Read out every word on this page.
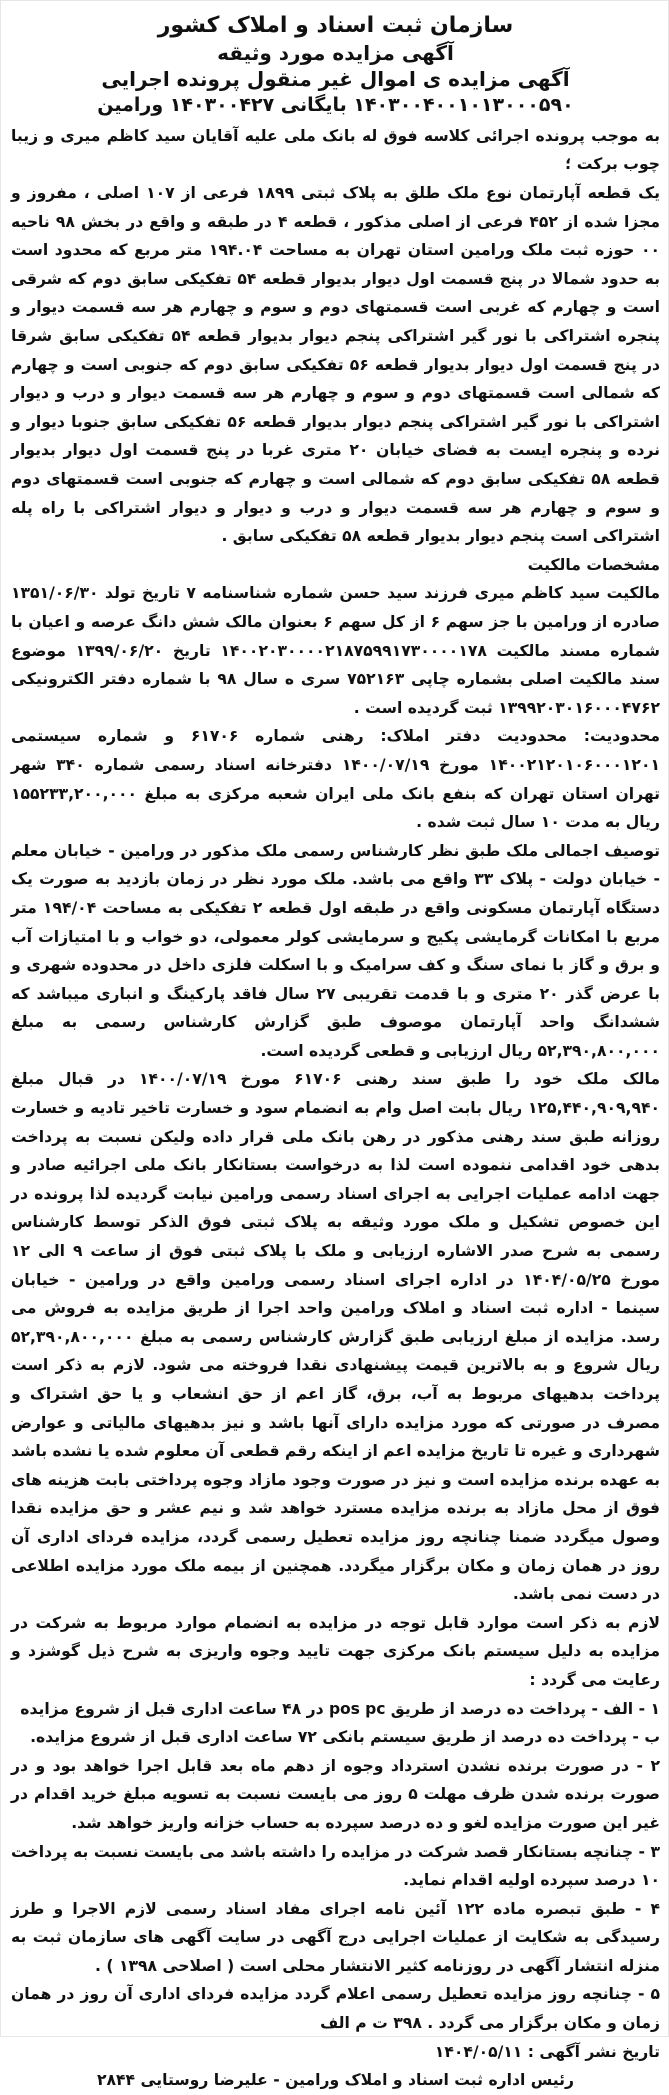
سازمان ثبت اسناد و املاک کشور
آگهی مزایده مورد وثیقه
آگهی مزایده ی اموال غیر منقول پرونده اجرایی
۱۴۰۳۰۰۴۰۰۱۰۱۳۰۰۰۵۹۰ بایگانی ۱۴۰۳۰۰۴۲۷ ورامین

به موجب پرونده اجرائی کلاسه فوق له بانک ملی علیه آقایان سید کاظم میری و زیبا چوب برکت ؛

یک قطعه آپارتمان نوع ملک طلق به پلاک ثبتی ۱۸۹۹ فرعی از ۱۰۷ اصلی ، مفروز و مجزا شده از ۴۵۲ فرعی از اصلی مذکور ، قطعه ۴ در طبقه و واقع در بخش ۹۸ ناحیه ۰۰ حوزه ثبت ملک ورامین استان تهران به مساحت ۱۹۴.۰۴ متر مربع که محدود است به حدود شمالا در پنج قسمت اول دیوار بدیوار قطعه ۵۴ تفکیکی سابق دوم که شرقی است و چهارم که غربی است قسمتهای دوم و سوم و چهارم هر سه قسمت دیوار و پنجره اشتراکی با نور گیر اشتراکی پنجم دیوار بدیوار قطعه ۵۴ تفکیکی سابق شرقا در پنج قسمت اول دیوار بدیوار قطعه ۵۶ تفکیکی سابق دوم که جنوبی است و چهارم که شمالی است قسمتهای دوم و سوم و چهارم هر سه قسمت دیوار و درب و دیوار اشتراکی با نور گیر اشتراکی پنجم دیوار بدیوار قطعه ۵۶ تفکیکی سابق جنوبا دیوار و نرده و پنجره ایست به فضای خیابان ۲۰ متری غربا در پنج قسمت اول دیوار بدیوار قطعه ۵۸ تفکیکی سابق دوم که شمالی است و چهارم که جنوبی است قسمتهای دوم و سوم و چهارم هر سه قسمت دیوار و درب و دیوار و دیوار اشتراکی با راه پله اشتراکی است پنجم دیوار بدیوار قطعه ۵۸ تفکیکی سابق .

مشخصات مالکیت

مالکیت سید کاظم میری فرزند سید حسن شماره شناسنامه ۷ تاریخ تولد ۱۳۵۱/۰۶/۳۰ صادره از ورامین با جز سهم ۶ از کل سهم ۶ بعنوان مالک شش دانگ عرصه و اعیان با شماره مسند مالکیت ۱۴۰۰۲۰۳۰۰۰۰۲۱۸۷۵۹۹۱۷۳۰۰۰۰۱۷۸ تاریخ ۱۳۹۹/۰۶/۲۰ موضوع سند مالکیت اصلی بشماره چاپی ۷۵۲۱۶۳ سری ه سال ۹۸ با شماره دفتر الکترونیکی ۱۳۹۹۲۰۳۰۱۶۰۰۰۴۷۶۲ ثبت گردیده است .

محدودیت: محدودیت دفتر املاک: رهنی شماره ۶۱۷۰۶ و شماره سیستمی ۱۴۰۰۲۱۲۰۱۰۶۰۰۰۱۲۰۱ مورخ ۱۴۰۰/۰۷/۱۹ دفترخانه اسناد رسمی شماره ۳۴۰ شهر تهران استان تهران که بنفع بانک ملی ایران شعبه مرکزی به مبلغ ۱۵۵۲۳۳,۲۰۰,۰۰۰ ریال به مدت ۱۰ سال ثبت شده .

توصیف اجمالی ملک طبق نظر کارشناس رسمی ملک مذکور در ورامین - خیابان معلم - خیابان دولت - پلاک ۳۳ واقع می باشد. ملک مورد نظر در زمان بازدید به صورت یک دستگاه آپارتمان مسکونی واقع در طبقه اول قطعه ۲ تفکیکی به مساحت ۱۹۴/۰۴ متر مربع با امکانات گرمایشی پکیج و سرمایشی کولر معمولی، دو خواب و با امتیازات آب و برق و گاز با نمای سنگ و کف سرامیک و با اسکلت فلزی داخل در محدوده شهری و با عرض گذر ۲۰ متری و با قدمت تقریبی ۲۷ سال فاقد پارکینگ و انباری میباشد که ششدانگ واحد آپارتمان موصوف طبق گزارش کارشناس رسمی به مبلغ ۵۲,۳۹۰,۸۰۰,۰۰۰ ریال ارزیابی و قطعی گردیده است.

مالک ملک خود را طبق سند رهنی ۶۱۷۰۶ مورخ ۱۴۰۰/۰۷/۱۹ در قبال مبلغ ۱۲۵,۴۴۰,۹۰۹,۹۴۰ ریال بابت اصل وام به انضمام سود و خسارت تاخیر تادیه و خسارت روزانه طبق سند رهنی مذکور در رهن بانک ملی قرار داده ولیکن نسبت به پرداخت بدهی خود اقدامی ننموده است لذا به درخواست بستانکار بانک ملی اجرائیه صادر و جهت ادامه عملیات اجرایی به اجرای اسناد رسمی ورامین نیابت گردیده لذا پرونده در این خصوص تشکیل و ملک مورد وثیقه به پلاک ثبتی فوق الذکر توسط کارشناس رسمی به شرح صدر الاشاره ارزیابی و ملک با پلاک ثبتی فوق از ساعت ۹ الی ۱۲ مورخ ۱۴۰۴/۰۵/۲۵ در اداره اجرای اسناد رسمی ورامین واقع در ورامین - خیابان سینما - اداره ثبت اسناد و املاک ورامین واحد اجرا از طریق مزایده به فروش می رسد. مزایده از مبلغ ارزیابی طبق گزارش کارشناس رسمی به مبلغ ۵۲,۳۹۰,۸۰۰,۰۰۰ ریال شروع و به بالاترین قیمت پیشنهادی نقدا فروخته می شود. لازم به ذکر است پرداخت بدهیهای مربوط به آب، برق، گاز اعم از حق انشعاب و یا حق اشتراک و مصرف در صورتی که مورد مزایده دارای آنها باشد و نیز بدهیهای مالیاتی و عوارض شهرداری و غیره تا تاریخ مزایده اعم از اینکه رقم قطعی آن معلوم شده یا نشده باشد به عهده برنده مزایده است و نیز در صورت وجود مازاد وجوه پرداختی بابت هزینه های فوق از محل مازاد به برنده مزایده مسترد خواهد شد و نیم عشر و حق مزایده نقدا وصول میگردد ضمنا چنانچه روز مزایده تعطیل رسمی گردد، مزایده فردای اداری آن روز در همان زمان و مکان برگزار میگردد. همچنین از بیمه ملک مورد مزایده اطلاعی در دست نمی باشد.

لازم به ذکر است موارد قابل توجه در مزایده به انضمام موارد مربوط به شرکت در مزایده به دلیل سیستم بانک مرکزی جهت تایید وجوه واریزی به شرح ذیل گوشزد و رعایت می گردد :

۱ - الف - پرداخت ده درصد از طریق pos pc در ۴۸ ساعت اداری قبل از شروع مزایده

ب - پرداخت ده درصد از طریق سیستم بانکی ۷۲ ساعت اداری قبل از شروع مزایده.

۲ - در صورت برنده نشدن استرداد وجوه از دهم ماه بعد قابل اجرا خواهد بود و در صورت برنده شدن ظرف مهلت ۵ روز می بایست نسبت به تسویه مبلغ خرید اقدام در غیر این صورت مزایده لغو و ده درصد سپرده به حساب خزانه واریز خواهد شد.

۳ - چنانچه بستانکار قصد شرکت در مزایده را داشته باشد می بایست نسبت به پرداخت ۱۰ درصد سپرده اولیه اقدام نماید.

۴ - طبق تبصره ماده ۱۲۲ آئین نامه اجرای مفاد اسناد رسمی لازم الاجرا و طرز رسیدگی به شکایت از عملیات اجرایی درج آگهی در سایت آگهی های سازمان ثبت به منزله انتشار آگهی در روزنامه کثیر الانتشار محلی است ( اصلاحی ۱۳۹۸ ) .

۵ - چنانچه روز مزایده تعطیل رسمی اعلام گردد مزایده فردای اداری آن روز در همان زمان و مکان برگزار می گردد . ۳۹۸ ت م الف

تاریخ نشر آگهی : ۱۴۰۴/۰۵/۱۱

رئیس اداره ثبت اسناد و املاک ورامین - علیرضا روستایی ۲۸۴۴
